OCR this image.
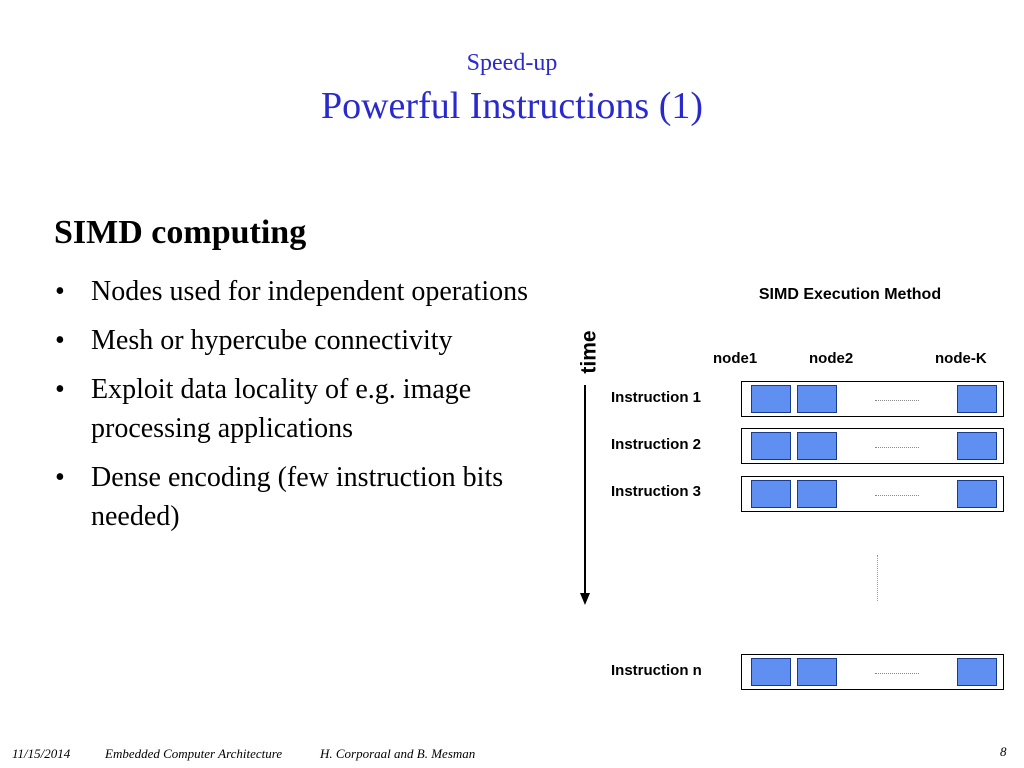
Speed-up
Powerful Instructions (1)
SIMD computing
• Nodes used for independent operations
• Mesh or hypercube connectivity
• Exploit data locality of e.g. image processing applications
• Dense encoding (few instruction bits needed)
SIMD Execution Method
time	node1	node2	node-K
Instruction 1
Instruction 2
Instruction 3
Instruction n
11/15/2014	Embedded Computer Architecture	H. Corporaal and B. Mesman	8
